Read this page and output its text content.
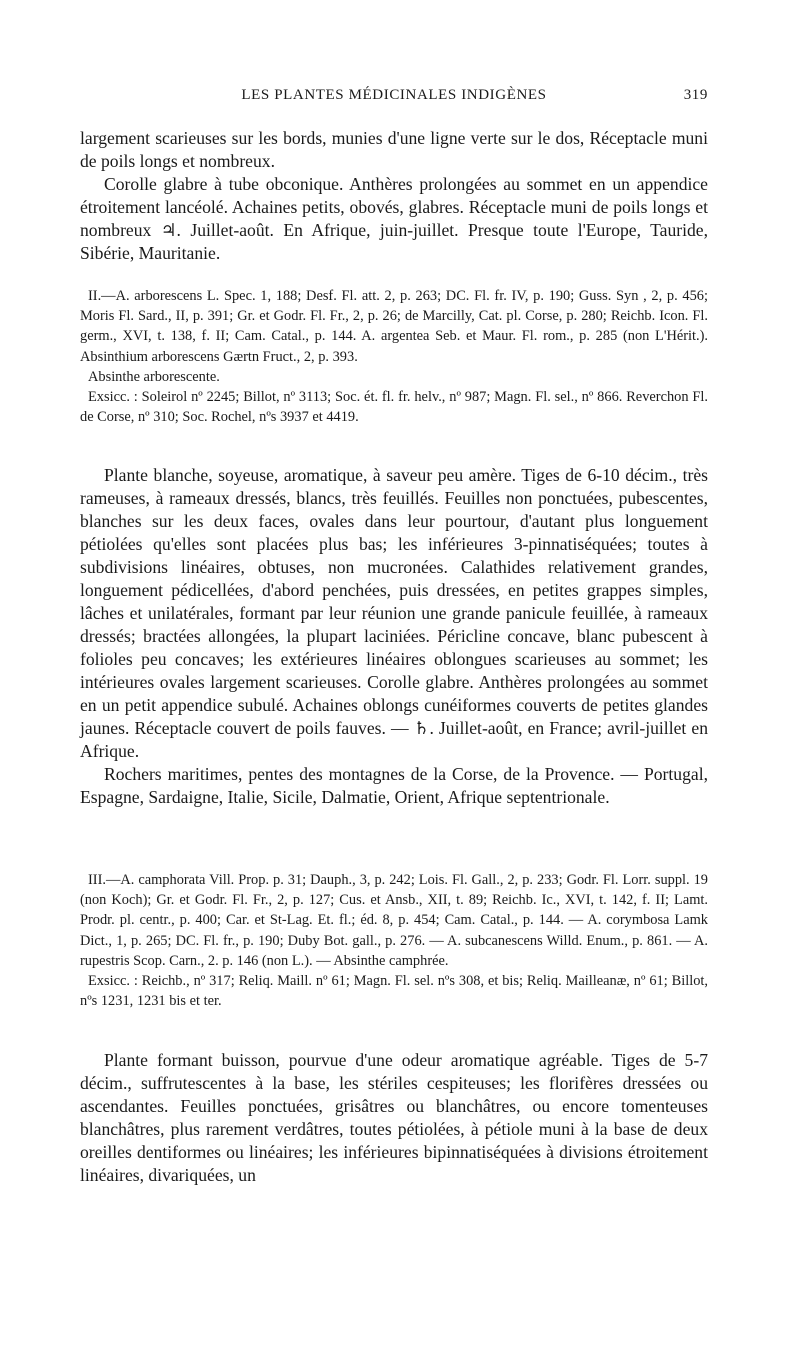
LES PLANTES MÉDICINALES INDIGÈNES	319

largement scarieuses sur les bords, munies d'une ligne verte sur le dos, Réceptacle muni de poils longs et nombreux.

Corolle glabre à tube obconique. Anthères prolongées au sommet en un appendice étroitement lancéolé. Achaines petits, obovés, glabres. Réceptacle muni de poils longs et nombreux ♃. Juillet-août. En Afrique, juin-juillet. Presque toute l'Europe, Tauride, Sibérie, Mauritanie.

II.—A. arborescens L. Spec. 1, 188; Desf. Fl. att. 2, p. 263; DC. Fl. fr. IV, p. 190; Guss. Syn , 2, p. 456; Moris Fl. Sard., II, p. 391; Gr. et Godr. Fl. Fr., 2, p. 26; de Marcilly, Cat. pl. Corse, p. 280; Reichb. Icon. Fl. germ., XVI, t. 138, f. II; Cam. Catal., p. 144. A. argentea Seb. et Maur. Fl. rom., p. 285 (non L'Hérit.). Absinthium arborescens Gærtn Fruct., 2, p. 393.

Absinthe arborescente.

Exsicc. : Soleirol nº 2245; Billot, nº 3113; Soc. ét. fl. fr. helv., nº 987; Magn. Fl. sel., nº 866. Reverchon Fl. de Corse, nº 310; Soc. Rochel, nºs 3937 et 4419.

Plante blanche, soyeuse, aromatique, à saveur peu amère. Tiges de 6-10 décim., très rameuses, à rameaux dressés, blancs, très feuillés. Feuilles non ponctuées, pubescentes, blanches sur les deux faces, ovales dans leur pourtour, d'autant plus longuement pétiolées qu'elles sont placées plus bas; les inférieures 3-pinnatiséquées; toutes à subdivisions linéaires, obtuses, non mucronées. Calathides relativement grandes, longuement pédicellées, d'abord penchées, puis dressées, en petites grappes simples, lâches et unilatérales, formant par leur réunion une grande panicule feuillée, à rameaux dressés; bractées allongées, la plupart laciniées. Péricline concave, blanc pubescent à folioles peu concaves; les extérieures linéaires oblongues scarieuses au sommet; les intérieures ovales largement scarieuses. Corolle glabre. Anthères prolongées au sommet en un petit appendice subulé. Achaines oblongs cunéiformes couverts de petites glandes jaunes. Réceptacle couvert de poils fauves. — ♄. Juillet-août, en France; avril-juillet en Afrique.

Rochers maritimes, pentes des montagnes de la Corse, de la Provence. — Portugal, Espagne, Sardaigne, Italie, Sicile, Dalmatie, Orient, Afrique septentrionale.

III.—A. camphorata Vill. Prop. p. 31; Dauph., 3, p. 242; Lois. Fl. Gall., 2, p. 233; Godr. Fl. Lorr. suppl. 19 (non Koch); Gr. et Godr. Fl. Fr., 2, p. 127; Cus. et Ansb., XII, t. 89; Reichb. Ic., XVI, t. 142, f. II; Lamt. Prodr. pl. centr., p. 400; Car. et St-Lag. Et. fl.; éd. 8, p. 454; Cam. Catal., p. 144. — A. corymbosa Lamk Dict., 1, p. 265; DC. Fl. fr., p. 190; Duby Bot. gall., p. 276. — A. subcanescens Willd. Enum., p. 861. — A. rupestris Scop. Carn., 2. p. 146 (non L.). — Absinthe camphrée.

Exsicc. : Reichb., nº 317; Reliq. Maill. nº 61; Magn. Fl. sel. nºs 308, et bis; Reliq. Mailleanæ, nº 61; Billot, nºs 1231, 1231 bis et ter.

Plante formant buisson, pourvue d'une odeur aromatique agréable. Tiges de 5-7 décim., suffrutescentes à la base, les stériles cespiteuses; les florifères dressées ou ascendantes. Feuilles ponctuées, grisâtres ou blanchâtres, ou encore tomenteuses blanchâtres, plus rarement verdâtres, toutes pétiolées, à pétiole muni à la base de deux oreilles dentiformes ou linéaires; les inférieures bipinnatiséquées à divisions étroitement linéaires, divariquées, un
